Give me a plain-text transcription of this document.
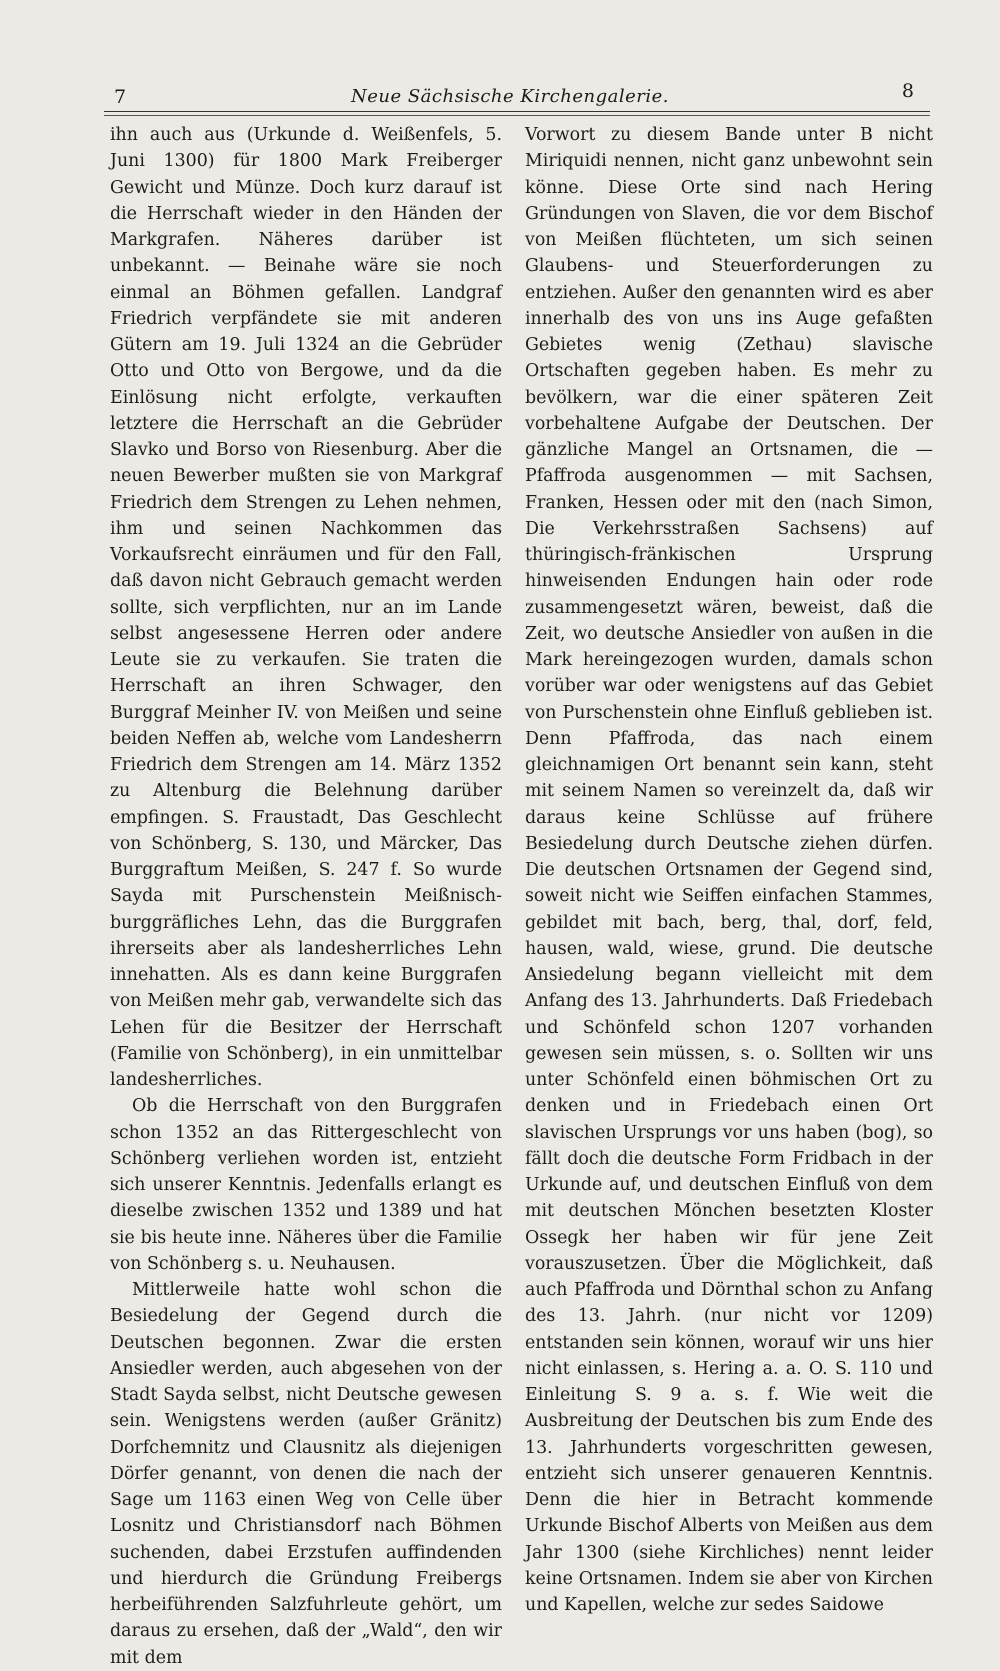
7	Neue Sächsische Kirchengalerie.	8

ihn auch aus (Urkunde d. Weißenfels, 5. Juni 1300) für 1800 Mark Freiberger Gewicht und Münze. Doch kurz darauf ist die Herrschaft wieder in den Händen der Markgrafen. Näheres darüber ist unbekannt. — Beinahe wäre sie noch einmal an Böhmen gefallen. Landgraf Friedrich verpfändete sie mit anderen Gütern am 19. Juli 1324 an die Gebrüder Otto und Otto von Bergowe, und da die Einlösung nicht erfolgte, verkauften letztere die Herrschaft an die Gebrüder Slavko und Borso von Riesenburg. Aber die neuen Bewerber mußten sie von Markgraf Friedrich dem Strengen zu Lehen nehmen, ihm und seinen Nachkommen das Vorkaufsrecht einräumen und für den Fall, daß davon nicht Gebrauch gemacht werden sollte, sich verpflichten, nur an im Lande selbst angesessene Herren oder andere Leute sie zu verkaufen. Sie traten die Herrschaft an ihren Schwager, den Burggraf Meinher IV. von Meißen und seine beiden Neffen ab, welche vom Landesherrn Friedrich dem Strengen am 14. März 1352 zu Altenburg die Belehnung darüber empfingen. S. Fraustadt, Das Geschlecht von Schönberg, S. 130, und Märcker, Das Burggraftum Meißen, S. 247 f. So wurde Sayda mit Purschenstein Meißnisch-burggräfliches Lehn, das die Burggrafen ihrerseits aber als landesherrliches Lehn innehatten. Als es dann keine Burggrafen von Meißen mehr gab, verwandelte sich das Lehen für die Besitzer der Herrschaft (Familie von Schönberg), in ein unmittelbar landesherrliches.

Ob die Herrschaft von den Burggrafen schon 1352 an das Rittergeschlecht von Schönberg verliehen worden ist, entzieht sich unserer Kenntnis. Jedenfalls erlangt es dieselbe zwischen 1352 und 1389 und hat sie bis heute inne. Näheres über die Familie von Schönberg s. u. Neuhausen.

Mittlerweile hatte wohl schon die Besiedelung der Gegend durch die Deutschen begonnen. Zwar die ersten Ansiedler werden, auch abgesehen von der Stadt Sayda selbst, nicht Deutsche gewesen sein. Wenigstens werden (außer Gränitz) Dorfchemnitz und Clausnitz als diejenigen Dörfer genannt, von denen die nach der Sage um 1163 einen Weg von Celle über Losnitz und Christiansdorf nach Böhmen suchenden, dabei Erzstufen auffindenden und hierdurch die Gründung Freibergs herbeiführenden Salzfuhrleute gehört, um daraus zu ersehen, daß der „Wald“, den wir mit dem

Vorwort zu diesem Bande unter B nicht Miriquidi nennen, nicht ganz unbewohnt sein könne. Diese Orte sind nach Hering Gründungen von Slaven, die vor dem Bischof von Meißen flüchteten, um sich seinen Glaubens- und Steuerforderungen zu entziehen. Außer den genannten wird es aber innerhalb des von uns ins Auge gefaßten Gebietes wenig (Zethau) slavische Ortschaften gegeben haben. Es mehr zu bevölkern, war die einer späteren Zeit vorbehaltene Aufgabe der Deutschen. Der gänzliche Mangel an Ortsnamen, die — Pfaffroda ausgenommen — mit Sachsen, Franken, Hessen oder mit den (nach Simon, Die Verkehrsstraßen Sachsens) auf thüringisch-fränkischen Ursprung hinweisenden Endungen hain oder rode zusammengesetzt wären, beweist, daß die Zeit, wo deutsche Ansiedler von außen in die Mark hereingezogen wurden, damals schon vorüber war oder wenigstens auf das Gebiet von Purschenstein ohne Einfluß geblieben ist. Denn Pfaffroda, das nach einem gleichnamigen Ort benannt sein kann, steht mit seinem Namen so vereinzelt da, daß wir daraus keine Schlüsse auf frühere Besiedelung durch Deutsche ziehen dürfen. Die deutschen Ortsnamen der Gegend sind, soweit nicht wie Seiffen einfachen Stammes, gebildet mit bach, berg, thal, dorf, feld, hausen, wald, wiese, grund. Die deutsche Ansiedelung begann vielleicht mit dem Anfang des 13. Jahrhunderts. Daß Friedebach und Schönfeld schon 1207 vorhanden gewesen sein müssen, s. o. Sollten wir uns unter Schönfeld einen böhmischen Ort zu denken und in Friedebach einen Ort slavischen Ursprungs vor uns haben (bog), so fällt doch die deutsche Form Fridbach in der Urkunde auf, und deutschen Einfluß von dem mit deutschen Mönchen besetzten Kloster Ossegk her haben wir für jene Zeit vorauszusetzen. Über die Möglichkeit, daß auch Pfaffroda und Dörnthal schon zu Anfang des 13. Jahrh. (nur nicht vor 1209) entstanden sein können, worauf wir uns hier nicht einlassen, s. Hering a. a. O. S. 110 und Einleitung S. 9 a. s. f. Wie weit die Ausbreitung der Deutschen bis zum Ende des 13. Jahrhunderts vorgeschritten gewesen, entzieht sich unserer genaueren Kenntnis. Denn die hier in Betracht kommende Urkunde Bischof Alberts von Meißen aus dem Jahr 1300 (siehe Kirchliches) nennt leider keine Ortsnamen. Indem sie aber von Kirchen und Kapellen, welche zur sedes Saidowe
